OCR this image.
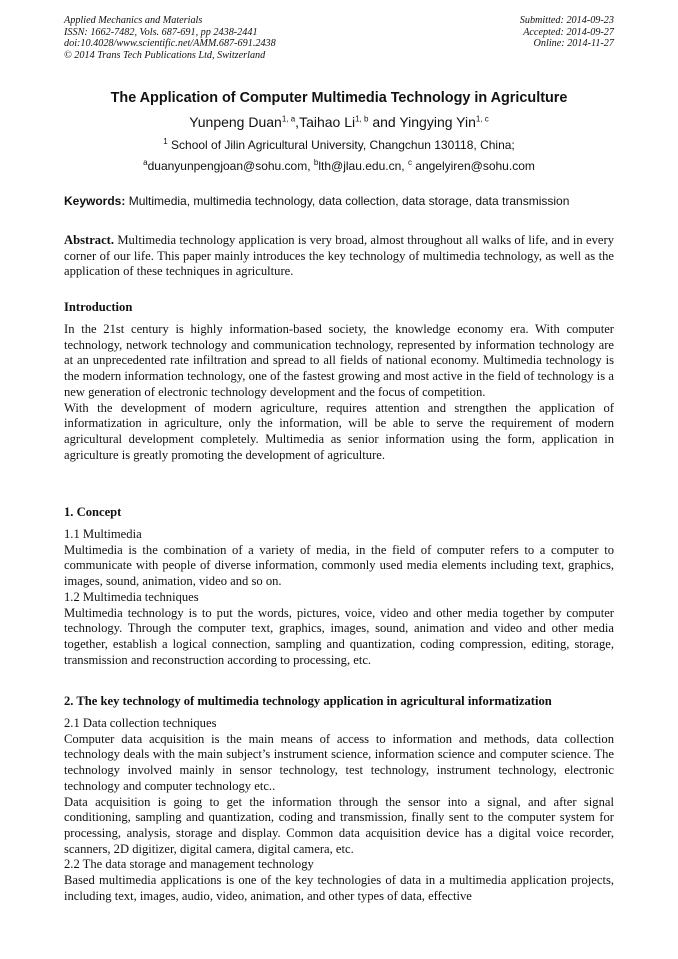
Applied Mechanics and Materials
ISSN: 1662-7482, Vols. 687-691, pp 2438-2441
doi:10.4028/www.scientific.net/AMM.687-691.2438
© 2014 Trans Tech Publications Ltd, Switzerland
Submitted: 2014-09-23
Accepted: 2014-09-27
Online: 2014-11-27
The Application of Computer Multimedia Technology in Agriculture
Yunpeng Duan$^{1, a}$,Taihao Li$^{1, b}$ and Yingying Yin$^{1, c}$
$^1$ School of Jilin Agricultural University, Changchun 130118, China;
$^a$duanyunpengjoan@sohu.com, $^b$lth@jlau.edu.cn, $^c$ angelyiren@sohu.com
Keywords: Multimedia, multimedia technology, data collection, data storage, data transmission

Abstract. Multimedia technology application is very broad, almost throughout all walks of life, and in every corner of our life. This paper mainly introduces the key technology of multimedia technology, as well as the application of these techniques in agriculture.

Introduction

In the 21st century is highly information-based society, the knowledge economy era. With computer technology, network technology and communication technology, represented by information technology are at an unprecedented rate infiltration and spread to all fields of national economy. Multimedia technology is the modern information technology, one of the fastest growing and most active in the field of technology is a new generation of electronic technology development and the focus of competition.

With the development of modern agriculture, requires attention and strengthen the application of informatization in agriculture, only the information, will be able to serve the requirement of modern agricultural development completely. Multimedia as senior information using the form, application in agriculture is greatly promoting the development of agriculture.

1. Concept

1.1 Multimedia

Multimedia is the combination of a variety of media, in the field of computer refers to a computer to communicate with people of diverse information, commonly used media elements including text, graphics, images, sound, animation, video and so on.

1.2 Multimedia techniques

Multimedia technology is to put the words, pictures, voice, video and other media together by computer technology. Through the computer text, graphics, images, sound, animation and video and other media together, establish a logical connection, sampling and quantization, coding compression, editing, storage, transmission and reconstruction according to processing, etc.

2. The key technology of multimedia technology application in agricultural informatization

2.1 Data collection techniques

Computer data acquisition is the main means of access to information and methods, data collection technology deals with the main subject’s instrument science, information science and computer science. The technology involved mainly in sensor technology, test technology, instrument technology, electronic technology and computer technology etc..

Data acquisition is going to get the information through the sensor into a signal, and after signal conditioning, sampling and quantization, coding and transmission, finally sent to the computer system for processing, analysis, storage and display. Common data acquisition device has a digital voice recorder, scanners, 2D digitizer, digital camera, digital camera, etc.

2.2 The data storage and management technology

Based multimedia applications is one of the key technologies of data in a multimedia application projects, including text, images, audio, video, animation, and other types of data, effective
